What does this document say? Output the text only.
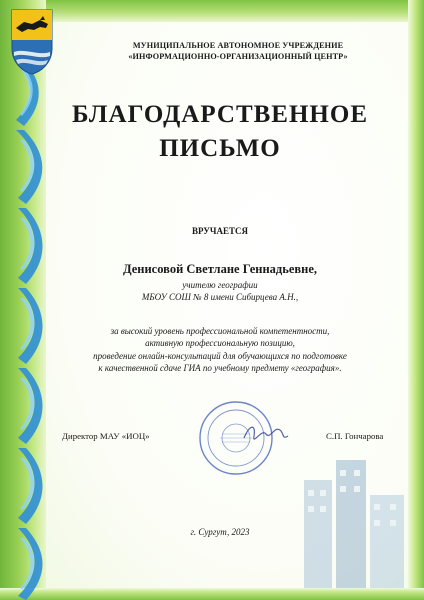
МУНИЦИПАЛЬНОЕ АВТОНОМНОЕ УЧРЕЖДЕНИЕ
«ИНФОРМАЦИОННО-ОРГАНИЗАЦИОННЫЙ ЦЕНТР»
БЛАГОДАРСТВЕННОЕ
ПИСЬМО
ВРУЧАЕТСЯ
Денисовой Светлане Геннадьевне,
учителю географии
МБОУ СОШ № 8 имени Сибирцева А.Н.,
за высокий уровень профессиональной компетентности,
активную профессиональную позицию,
проведение онлайн-консультаций для обучающихся по подготовке
к качественной сдаче ГИА по учебному предмету «география».
Директор МАУ «ИОЦ»	С.П. Гончарова
г. Сургут, 2023
